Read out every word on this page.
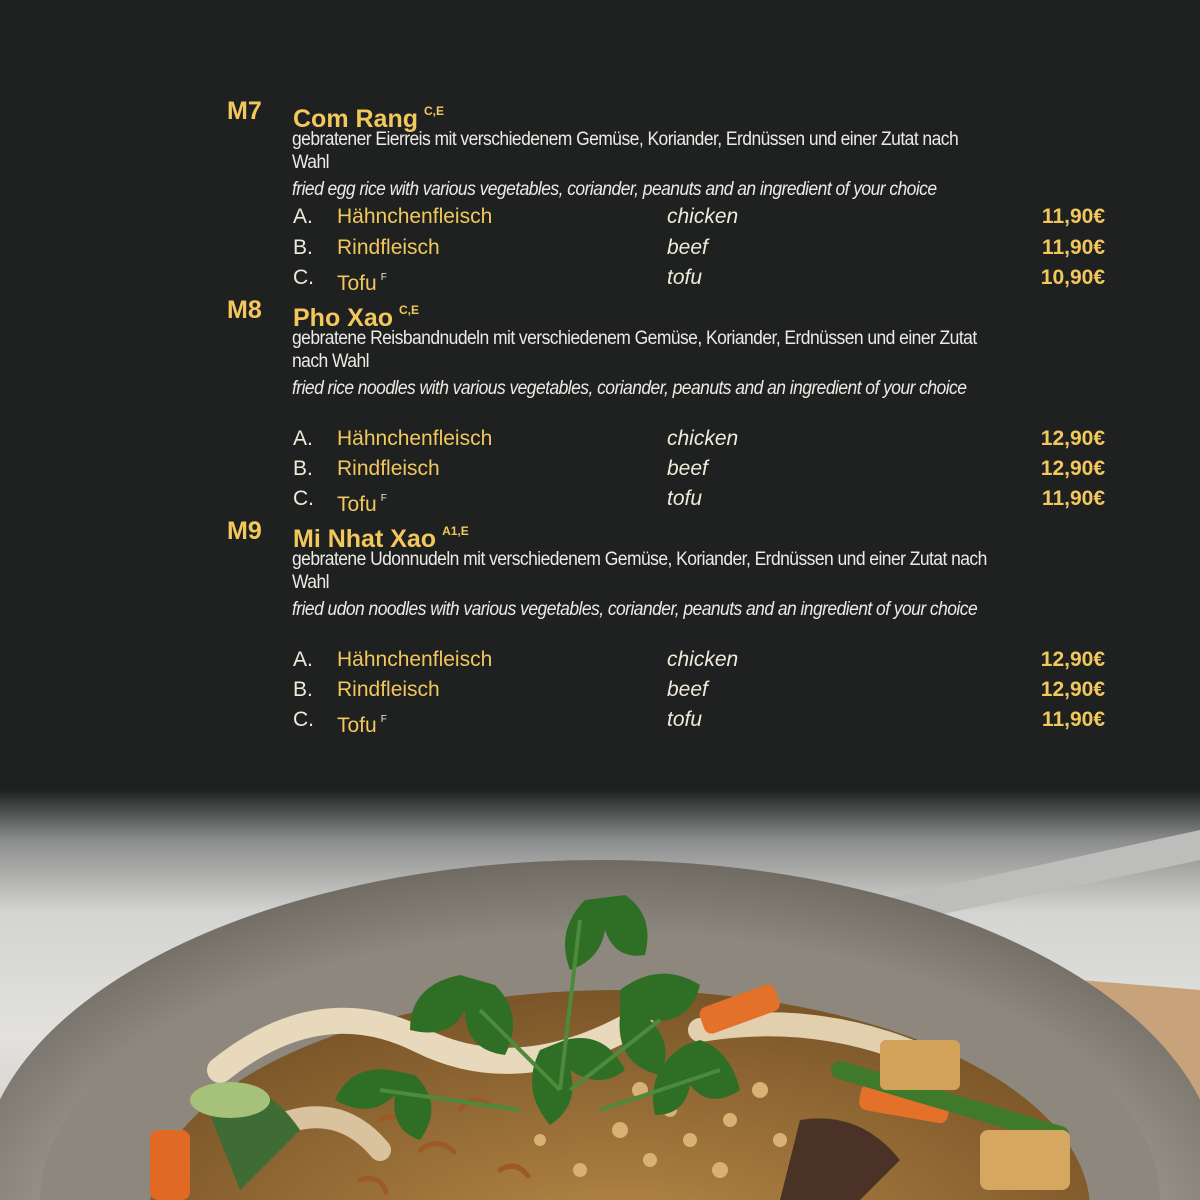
M7 Com Rang $^{C,E}$
gebratener Eierreis mit verschiedenem Gemüse, Koriander, Erdnüssen und einer Zutat nach Wahl
fried egg rice with various vegetables, coriander, peanuts and an ingredient of your choice
A. Hähnchenfleisch	chicken	11,90€
B. Rindfleisch	beef	11,90€
C. Tofu $^F$	tofu	10,90€
M8 Pho Xao $^{C,E}$
gebratene Reisbandnudeln mit verschiedenem Gemüse, Koriander, Erdnüssen und einer Zutat nach Wahl
fried rice noodles with various vegetables, coriander, peanuts and an ingredient of your choice
A. Hähnchenfleisch	chicken	12,90€
B. Rindfleisch	beef	12,90€
C. Tofu $^F$	tofu	11,90€
M9 Mi Nhat Xao $^{A1,E}$
gebratene Udonnudeln mit verschiedenem Gemüse, Koriander, Erdnüssen und einer Zutat nach Wahl
fried udon noodles with various vegetables, coriander, peanuts and an ingredient of your choice
A. Hähnchenfleisch	chicken	12,90€
B. Rindfleisch	beef	12,90€
C. Tofu $^F$	tofu	11,90€
